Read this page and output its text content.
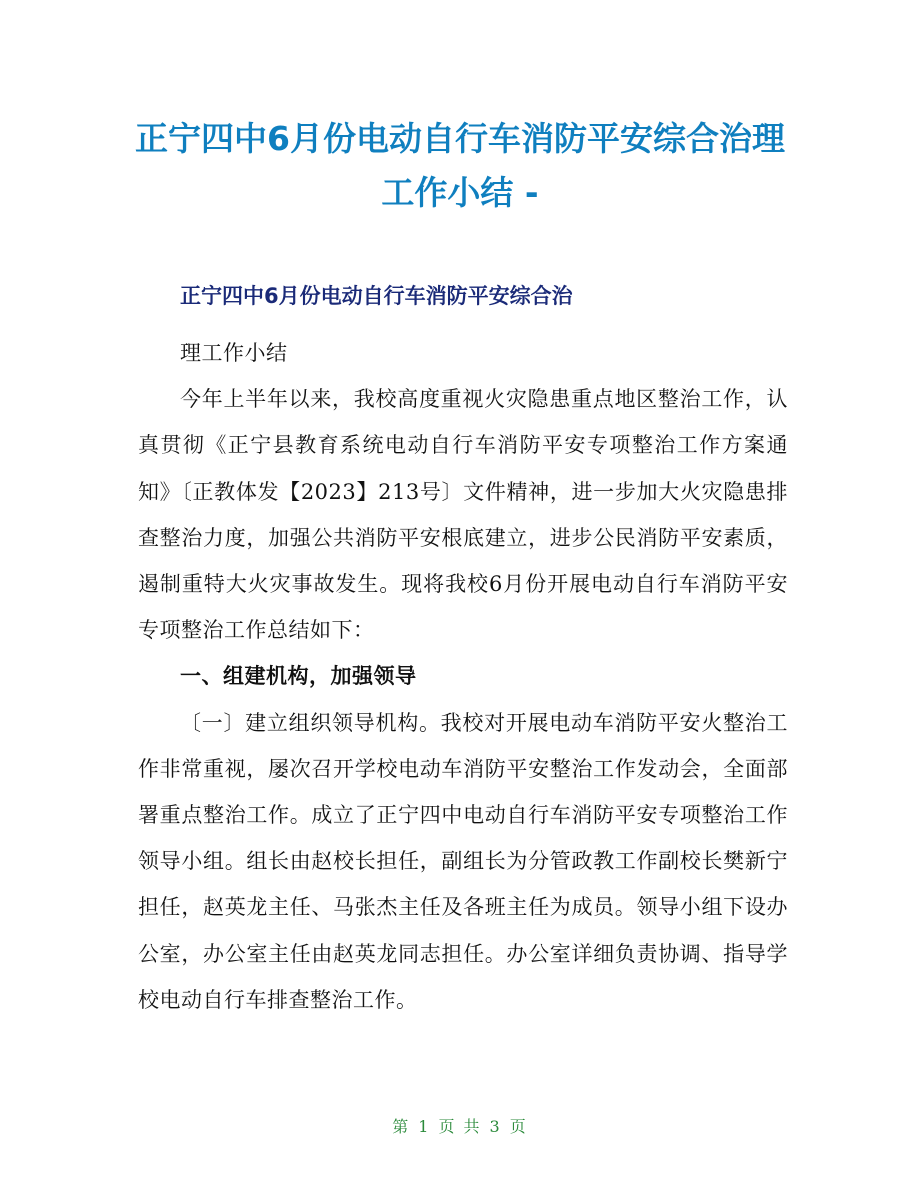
正宁四中6月份电动自行车消防平安综合治理
工作小结 -
正宁四中6月份电动自行车消防平安综合治

理工作小结

今年上半年以来，我校高度重视火灾隐患重点地区整治工作，认真贯彻《正宁县教育系统电动自行车消防平安专项整治工作方案通知》〔正教体发【2023】213号〕文件精神，进一步加大火灾隐患排查整治力度，加强公共消防平安根底建立，进步公民消防平安素质，遏制重特大火灾事故发生。现将我校6月份开展电动自行车消防平安专项整治工作总结如下：

一、组建机构，加强领导

〔一〕建立组织领导机构。我校对开展电动车消防平安火整治工作非常重视，屡次召开学校电动车消防平安整治工作发动会，全面部署重点整治工作。成立了正宁四中电动自行车消防平安专项整治工作领导小组。组长由赵校长担任，副组长为分管政教工作副校长樊新宁担任，赵英龙主任、马张杰主任及各班主任为成员。领导小组下设办公室，办公室主任由赵英龙同志担任。办公室详细负责协调、指导学校电动自行车排查整治工作。

第 1 页 共 3 页
